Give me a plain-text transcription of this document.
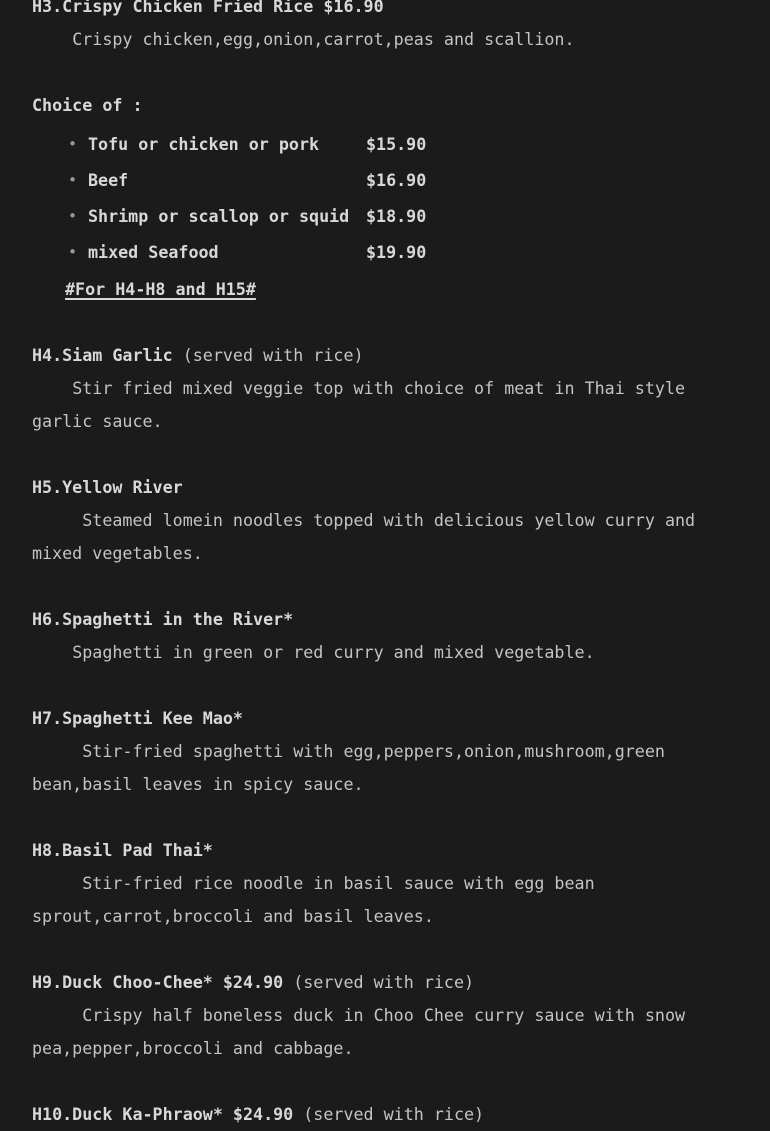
H3.Crispy Chicken Fried Rice $16.90

Crispy chicken,egg,onion,carrot,peas and scallion.

Choice of :

• Tofu or chicken or pork	$15.90
• Beef	$16.90
• Shrimp or scallop or squid $18.90
• mixed Seafood	$19.90

#For H4-H8 and H15#

H4.Siam Garlic (served with rice)

Stir fried mixed veggie top with choice of meat in Thai style garlic sauce.

H5.Yellow River

Steamed lomein noodles topped with delicious yellow curry and mixed vegetables.

H6.Spaghetti in the River*

Spaghetti in green or red curry and mixed vegetable.

H7.Spaghetti Kee Mao*

Stir-fried spaghetti with egg,peppers,onion,mushroom,green bean,basil leaves in spicy sauce.

H8.Basil Pad Thai*

Stir-fried rice noodle in basil sauce with egg bean sprout,carrot,broccoli and basil leaves.

H9.Duck Choo-Chee* $24.90 (served with rice)

Crispy half boneless duck in Choo Chee curry sauce with snow pea,pepper,broccoli and cabbage.

H10.Duck Ka-Phraow* $24.90 (served with rice)
